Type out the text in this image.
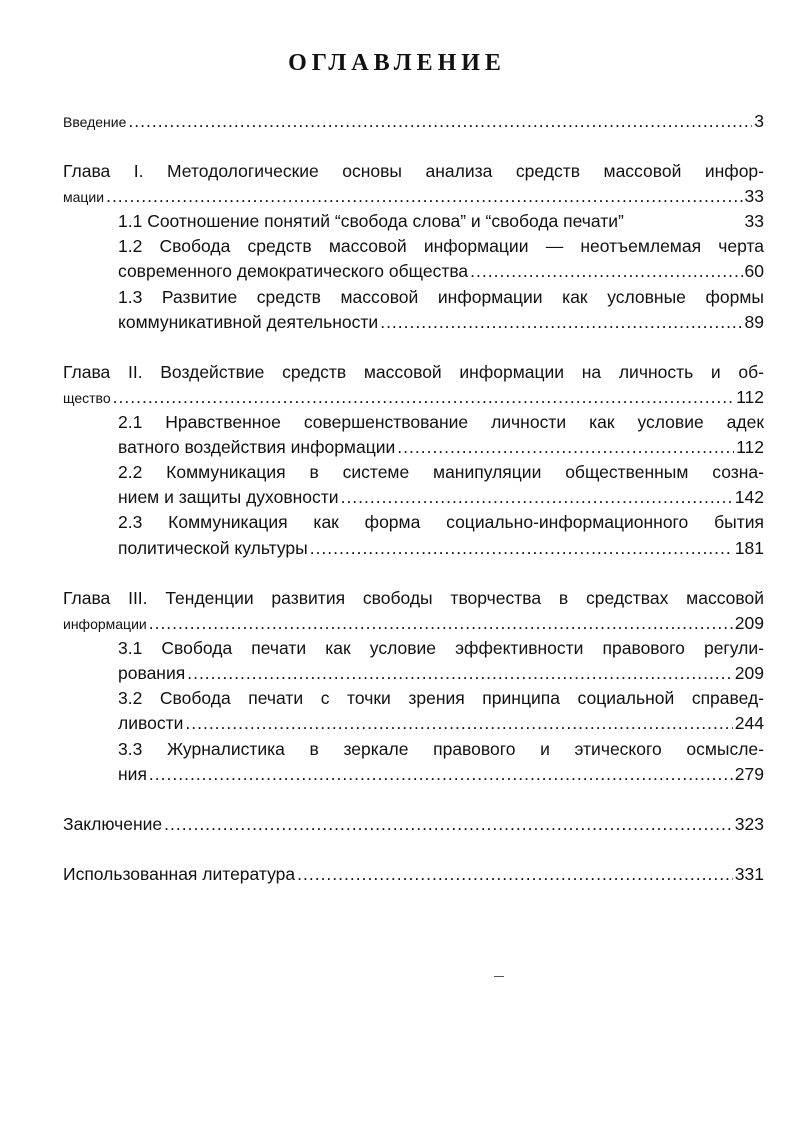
ОГЛАВЛЕНИЕ
Введение .....	3
Глава I. Методологические основы анализа средств массовой инфор-
мации .....	33
1.1 Соотношение понятий “свобода слова” и “свобода печати”	33
1.2 Свобода средств массовой информации — неотъемлемая черта
современного демократического общества .....	60
1.3 Развитие средств массовой информации как условные формы
коммуникативной деятельности .....	89
Глава II. Воздействие средств массовой информации на личность и об-
щество .....	112
2.1 Нравственное совершенствование личности как условие адек
ватного воздействия информации .....	112
2.2 Коммуникация в системе манипуляции общественным созна-
нием и защиты духовности .....	142
2.3 Коммуникация как форма социально-информационного бытия
политической культуры .....	181
Глава III. Тенденции развития свободы творчества в средствах массовой
информации .....	209
3.1 Свобода печати как условие эффективности правового регули-
рования .....	209
3.2 Свобода печати с точки зрения принципа социальной справед-
ливости .....	244
3.3 Журналистика в зеркале правового и этического осмысле-
ния .....	279
Заключение .....	323
Использованная литература .....	331
